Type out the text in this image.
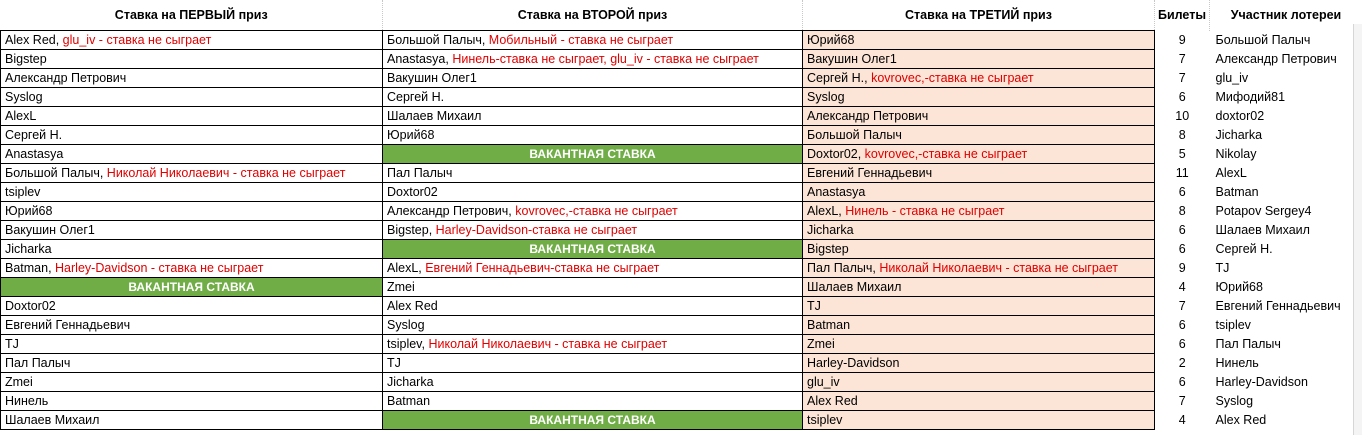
Ставка на ПЕРВЫЙ приз	Ставка на ВТОРОЙ приз	Ставка на ТРЕТИЙ приз	Билеты	Участник лотереи
Alex Red, glu_iv - ставка не сыграет	Большой Палыч, Мобильный - ставка не сыграет	Юрий68	9	Большой Палыч
Bigstep	Anastasya, Нинель-ставка не сыграет, glu_iv - ставка не сыграет	Вакушин Олег1	7	Александр Петрович
Александр Петрович	Вакушин Олег1	Сергей Н., kovrovec,-ставка не сыграет	7	glu_iv
Syslog	Сергей Н.	Syslog	6	Мифодий81
AlexL	Шалаев Михаил	Александр Петрович	10	doxtor02
Сергей Н.	Юрий68	Большой Палыч	8	Jicharka
Anastasya	ВАКАНТНАЯ СТАВКА	Doxtor02, kovrovec,-ставка не сыграет	5	Nikolay
Большой Палыч, Николай Николаевич - ставка не сыграет	Пал Палыч	Евгений Геннадьевич	11	AlexL
tsiplev	Doxtor02	Anastasya	6	Batman
Юрий68	Александр Петрович, kovrovec,-ставка не сыграет	AlexL, Нинель - ставка не сыграет	8	Potapov Sergey4
Вакушин Олег1	Bigstep, Harley-Davidson-ставка не сыграет	Jicharka	6	Шалаев Михаил
Jicharka	ВАКАНТНАЯ СТАВКА	Bigstep	6	Сергей Н.
Batman, Harley-Davidson - ставка не сыграет	AlexL, Евгений Геннадьевич-ставка не сыграет	Пал Палыч, Николай Николаевич - ставка не сыграет	9	TJ
ВАКАНТНАЯ СТАВКА	Zmei	Шалаев Михаил	4	Юрий68
Doxtor02	Alex Red	TJ	7	Евгений Геннадьевич
Евгений Геннадьевич	Syslog	Batman	6	tsiplev
TJ	tsiplev, Николай Николаевич - ставка не сыграет	Zmei	6	Пал Палыч
Пал Палыч	TJ	Harley-Davidson	2	Нинель
Zmei	Jicharka	glu_iv	6	Harley-Davidson
Нинель	Batman	Alex Red	7	Syslog
Шалаев Михаил	ВАКАНТНАЯ СТАВКА	tsiplev	4	Alex Red
